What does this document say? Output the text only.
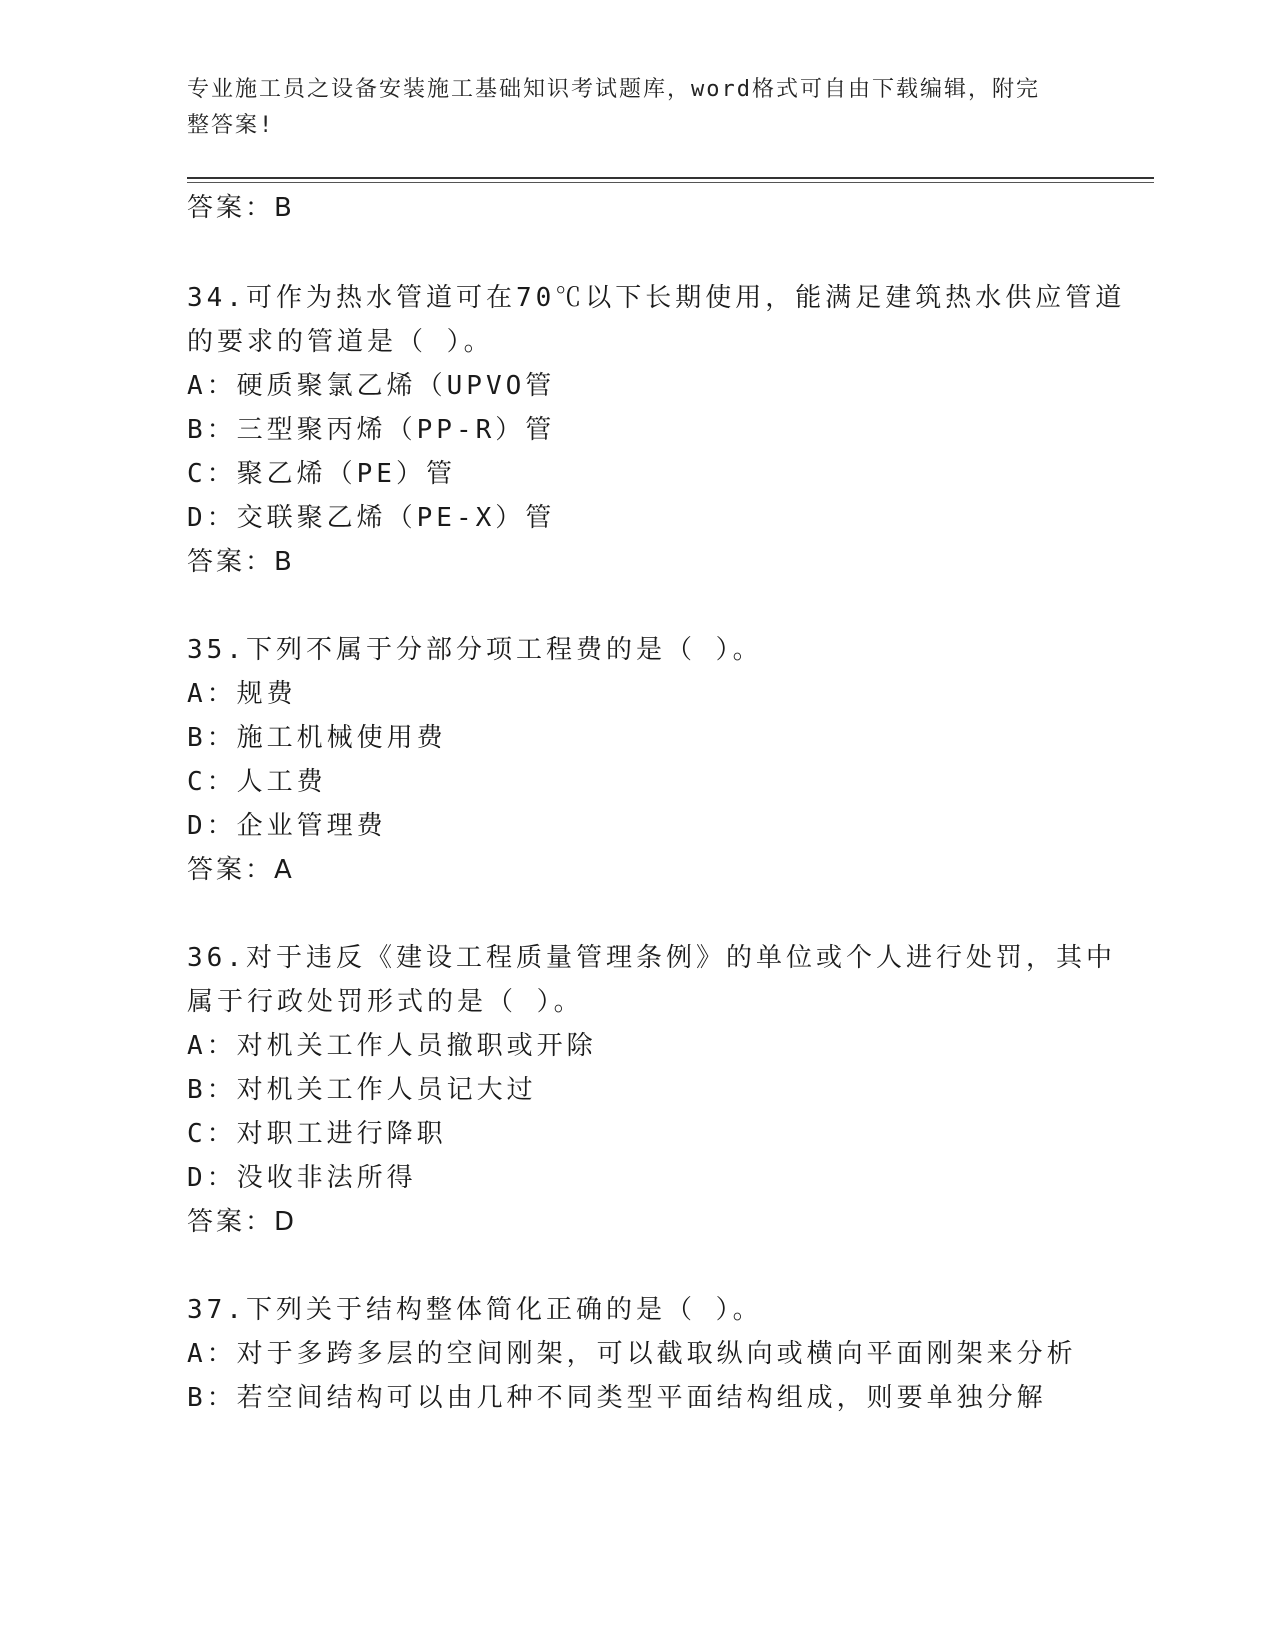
专业施工员之设备安装施工基础知识考试题库，word格式可自由下载编辑，附完
整答案!
答案：B
34.可作为热水管道可在70℃以下长期使用，能满足建筑热水供应管道
的要求的管道是（ ）。
A：硬质聚氯乙烯（UPVO管
B：三型聚丙烯（PP-R）管
C：聚乙烯（PE）管
D：交联聚乙烯（PE-X）管
答案：B
35.下列不属于分部分项工程费的是（ ）。
A：规费
B：施工机械使用费
C：人工费
D：企业管理费
答案：A
36.对于违反《建设工程质量管理条例》的单位或个人进行处罚，其中
属于行政处罚形式的是（ ）。
A：对机关工作人员撤职或开除
B：对机关工作人员记大过
C：对职工进行降职
D：没收非法所得
答案：D
37.下列关于结构整体简化正确的是（ ）。
A：对于多跨多层的空间刚架，可以截取纵向或横向平面刚架来分析
B：若空间结构可以由几种不同类型平面结构组成，则要单独分解
